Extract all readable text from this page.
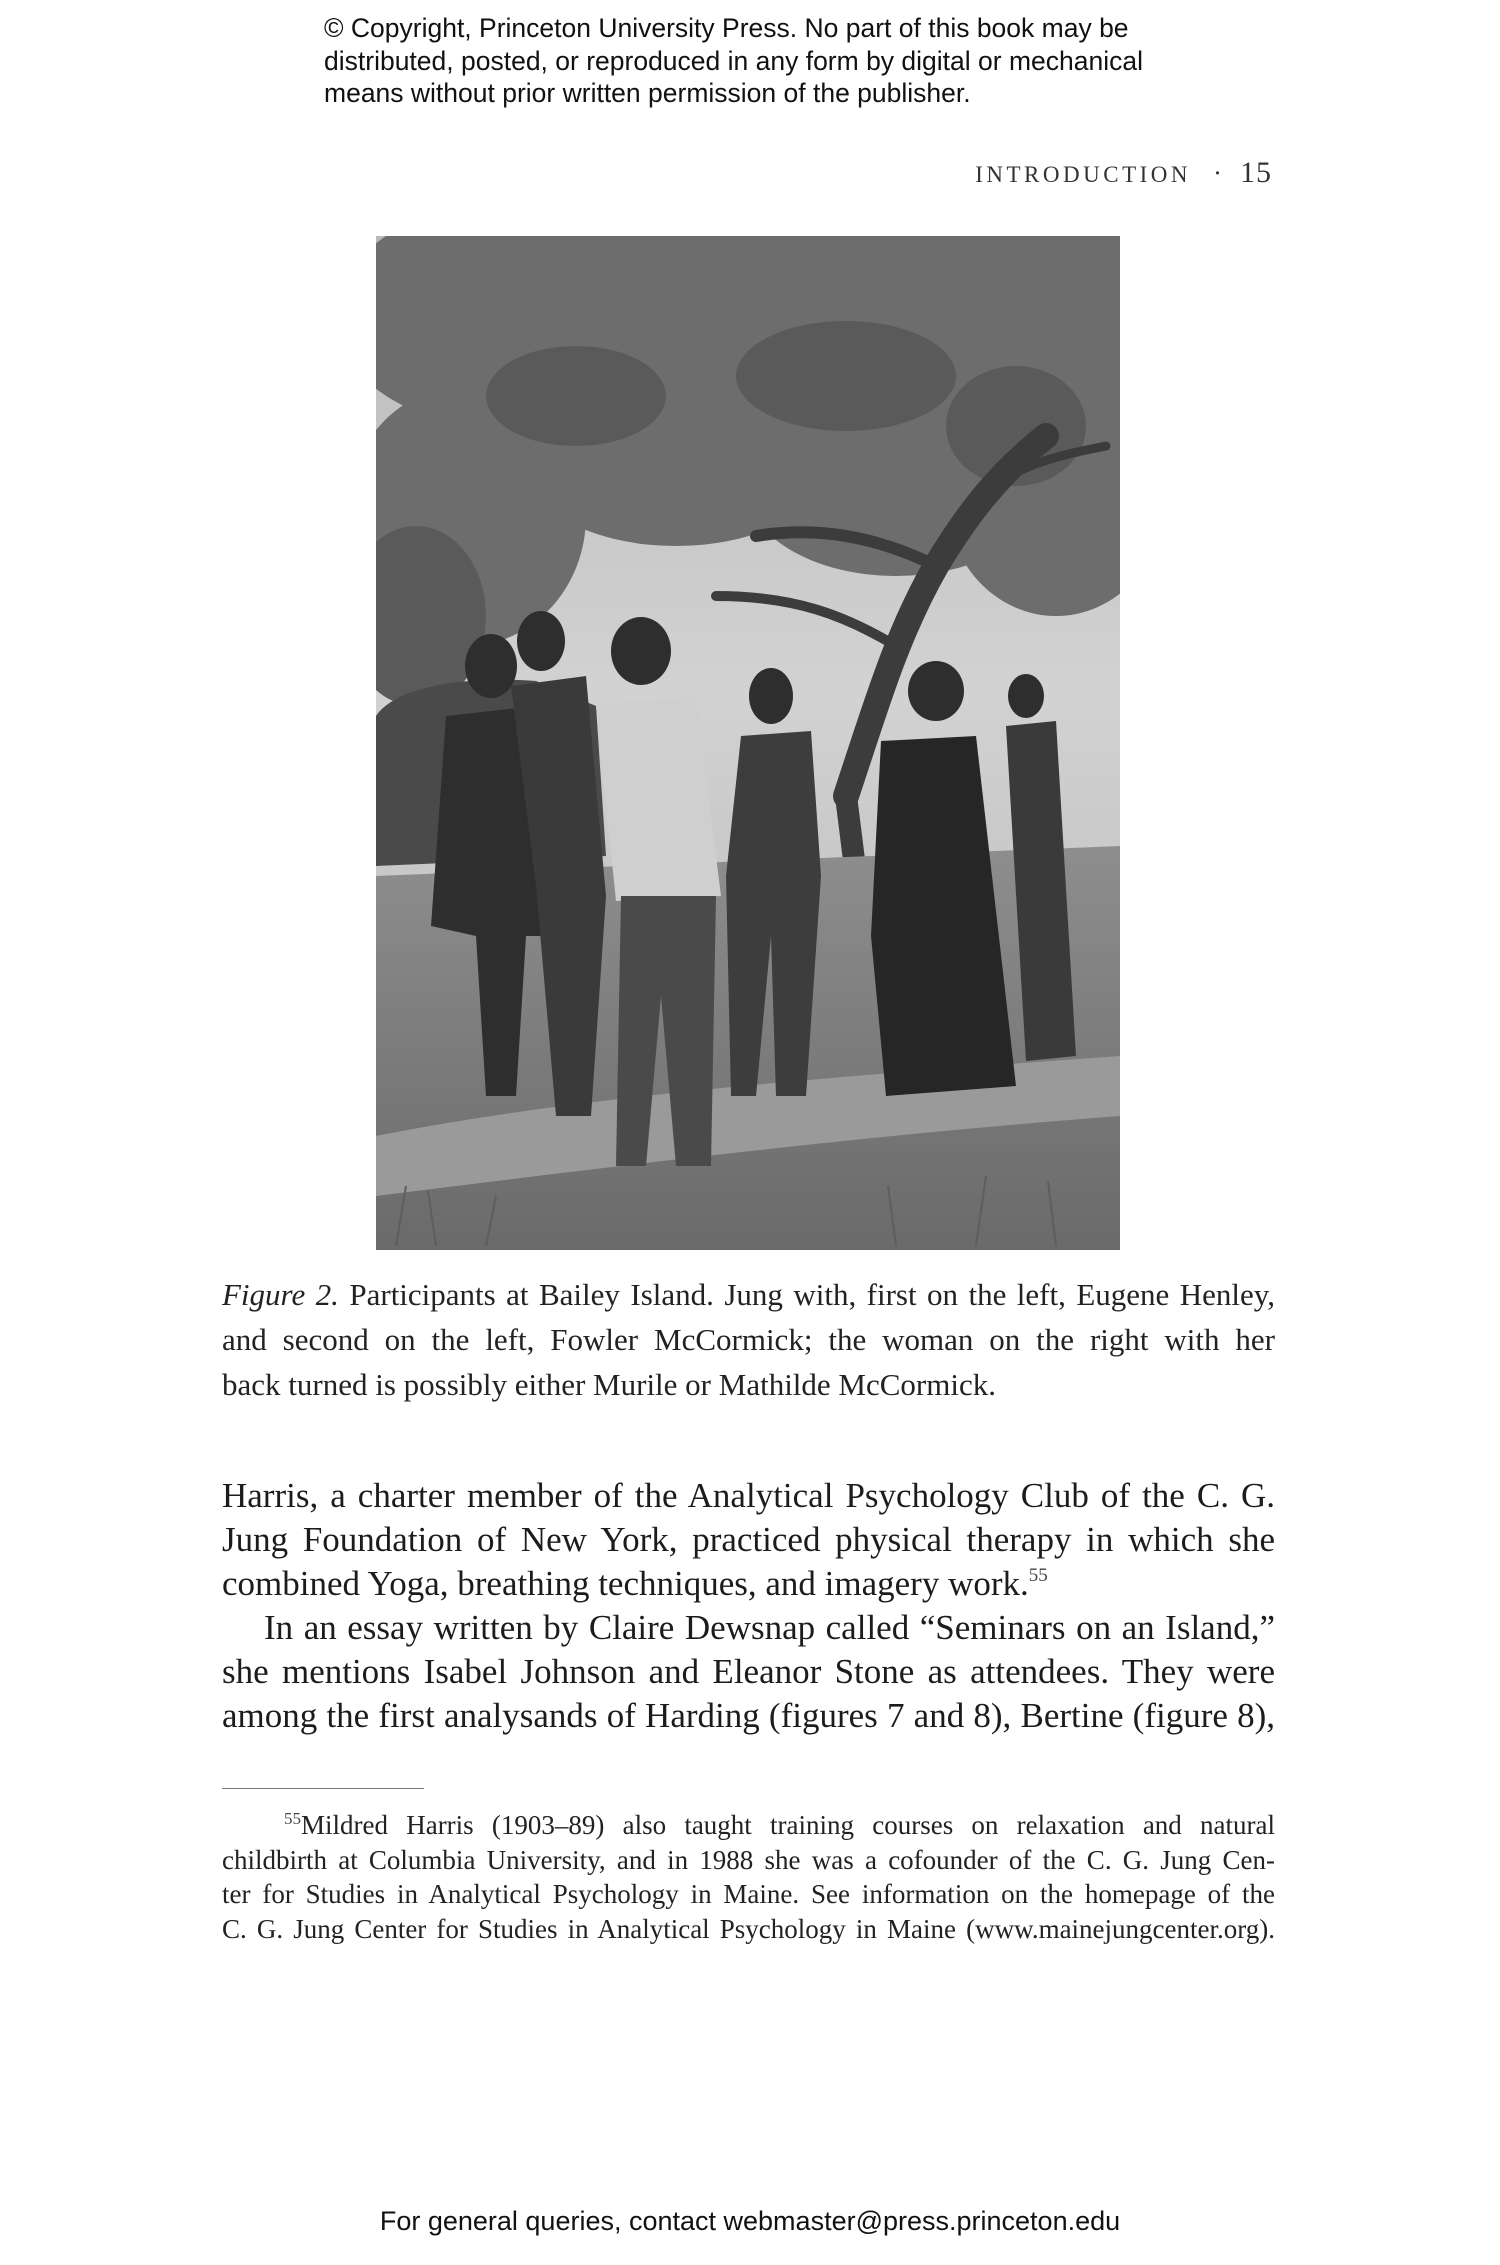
© Copyright, Princeton University Press. No part of this book may be
distributed, posted, or reproduced in any form by digital or mechanical
means without prior written permission of the publisher.
INTRODUCTION · 15
Figure 2. Participants at Bailey Island. Jung with, first on the left, Eugene Henley,
and second on the left, Fowler McCormick; the woman on the right with her
back turned is possibly either Murile or Mathilde McCormick.
Harris, a charter member of the Analytical Psychology Club of the C. G.
Jung Foundation of New York, practiced physical therapy in which she
combined Yoga, breathing techniques, and imagery work.$^{55}$
In an essay written by Claire Dewsnap called “Seminars on an Island,”
she mentions Isabel Johnson and Eleanor Stone as attendees. They were
among the first analysands of Harding (figures 7 and 8), Bertine (figure 8),
$^{55}$Mildred Harris (1903–89) also taught training courses on relaxation and natural
childbirth at Columbia University, and in 1988 she was a cofounder of the C. G. Jung Cen-
ter for Studies in Analytical Psychology in Maine. See information on the homepage of the
C. G. Jung Center for Studies in Analytical Psychology in Maine (www.mainejungcenter.org).
For general queries, contact webmaster@press.princeton.edu
